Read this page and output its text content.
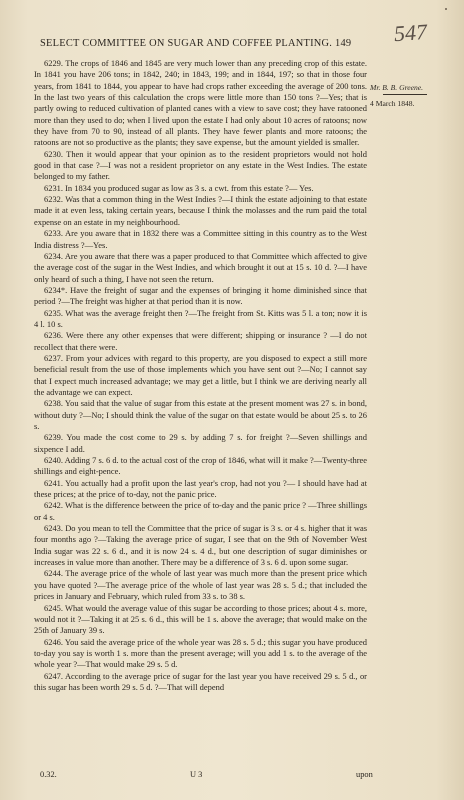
SELECT COMMITTEE ON SUGAR AND COFFEE PLANTING. 149	547
Mr. B. B. Greene.
4 March 1848.

6229. The crops of 1846 and 1845 are very much lower than any preceding crop of this estate. In 1841 you have 206 tons; in 1842, 240; in 1843, 199; and in 1844, 197; so that in those four years, from 1841 to 1844, you appear to have had crops rather exceeding the average of 200 tons. In the last two years of this calculation the crops were little more than 150 tons ?—Yes; that is partly owing to reduced cultivation of planted canes with a view to save cost; they have ratooned more than they used to do; when I lived upon the estate I had only about 10 acres of ratoons; now they have from 70 to 90, instead of all plants. They have fewer plants and more ratoons; the ratoons are not so productive as the plants; they save expense, but the amount yielded is smaller.

6230. Then it would appear that your opinion as to the resident proprietors would not hold good in that case ?—I was not a resident proprietor on any estate in the West Indies. The estate belonged to my father.

6231. In 1834 you produced sugar as low as 3 s. a cwt. from this estate ?— Yes.

6232. Was that a common thing in the West Indies ?—I think the estate adjoining to that estate made it at even less, taking certain years, because I think the molasses and the rum paid the total expense on an estate in my neighbourhood.

6233. Are you aware that in 1832 there was a Committee sitting in this country as to the West India distress ?—Yes.

6234. Are you aware that there was a paper produced to that Committee which affected to give the average cost of the sugar in the West Indies, and which brought it out at 15 s. 10 d. ?—I have only heard of such a thing, I have not seen the return.

6234*. Have the freight of sugar and the expenses of bringing it home diminished since that period ?—The freight was higher at that period than it is now.

6235. What was the average freight then ?—The freight from St. Kitts was 5 l. a ton; now it is 4 l. 10 s.

6236. Were there any other expenses that were different; shipping or insurance ? —I do not recollect that there were.

6237. From your advices with regard to this property, are you disposed to expect a still more beneficial result from the use of those implements which you have sent out ?—No; I cannot say that I expect much increased advantage; we may get a little, but I think we are deriving nearly all the advantage we can expect.

6238. You said that the value of sugar from this estate at the present moment was 27 s. in bond, without duty ?—No; I should think the value of the sugar on that estate would be about 25 s. to 26 s.

6239. You made the cost come to 29 s. by adding 7 s. for freight ?—Seven shillings and sixpence I add.

6240. Adding 7 s. 6 d. to the actual cost of the crop of 1846, what will it make ?—Twenty-three shillings and eight-pence.

6241. You actually had a profit upon the last year's crop, had not you ?— I should have had at these prices; at the price of to-day, not the panic price.

6242. What is the difference between the price of to-day and the panic price ? —Three shillings or 4 s.

6243. Do you mean to tell the Committee that the price of sugar is 3 s. or 4 s. higher that it was four months ago ?—Taking the average price of sugar, I see that on the 9th of November West India sugar was 22 s. 6 d., and it is now 24 s. 4 d., but one description of sugar diminishes or increases in value more than another. There may be a difference of 3 s. 6 d. upon some sugar.

6244. The average price of the whole of last year was much more than the present price which you have quoted ?—The average price of the whole of last year was 28 s. 5 d.; that included the prices in January and February, which ruled from 33 s. to 38 s.

6245. What would the average value of this sugar be according to those prices; about 4 s. more, would not it ?—Taking it at 25 s. 6 d., this will be 1 s. above the average; that would make on the 25th of January 39 s.

6246. You said the average price of the whole year was 28 s. 5 d.; this sugar you have produced to-day you say is worth 1 s. more than the present average; will you add 1 s. to the average of the whole year ?—That would make 29 s. 5 d.

6247. According to the average price of sugar for the last year you have received 29 s. 5 d., or this sugar has been worth 29 s. 5 d. ?—That will depend

0.32.	U 3	upon
